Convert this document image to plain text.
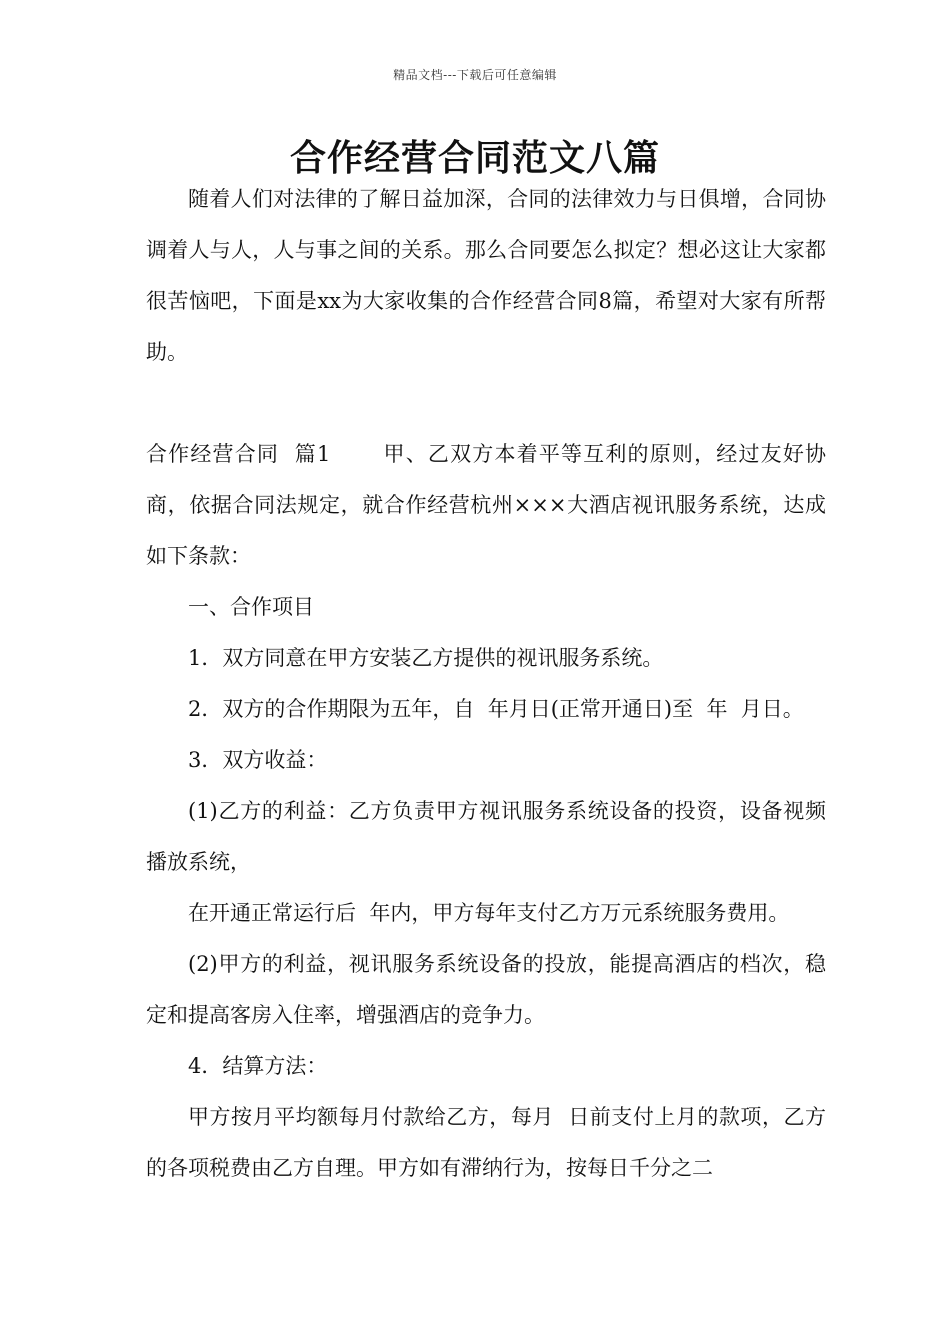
精品文档---下载后可任意编辑
合作经营合同范文八篇

随着人们对法律的了解日益加深，合同的法律效力与日俱增，合同协调着人与人，人与事之间的关系。那么合同要怎么拟定？想必这让大家都很苦恼吧，下面是xx为大家收集的合作经营合同8篇，希望对大家有所帮助。

合作经营合同  篇1 甲、乙双方本着平等互利的原则，经过友好协商，依据合同法规定，就合作经营杭州×××大酒店视讯服务系统，达成如下条款：

一、合作项目

1．双方同意在甲方安装乙方提供的视讯服务系统。

2．双方的合作期限为五年，自  年月日(正常开通日)至  年  月日。

3．双方收益：

(1)乙方的利益：乙方负责甲方视讯服务系统设备的投资，设备视频播放系统，

在开通正常运行后  年内，甲方每年支付乙方万元系统服务费用。

(2)甲方的利益，视讯服务系统设备的投放，能提高酒店的档次，稳定和提高客房入住率，增强酒店的竞争力。

4．结算方法：

甲方按月平均额每月付款给乙方，每月  日前支付上月的款项，乙方的各项税费由乙方自理。甲方如有滞纳行为，按每日千分之二
